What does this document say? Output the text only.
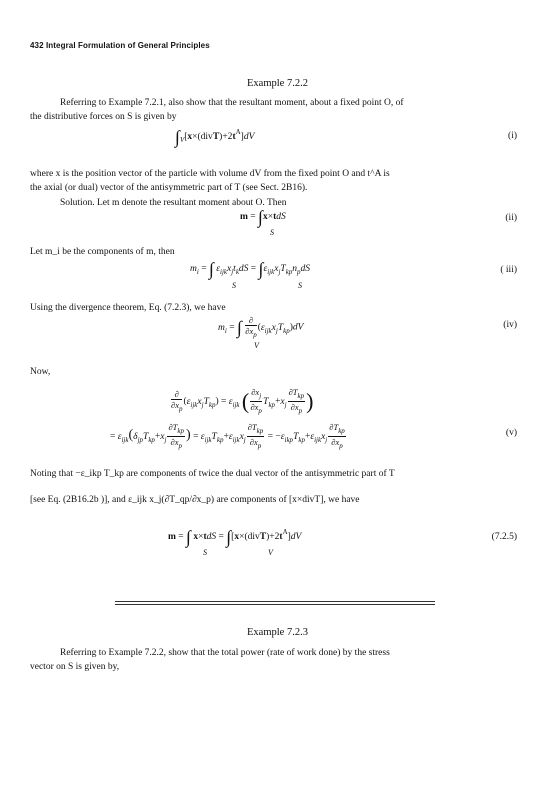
432 Integral Formulation of General Principles
Example 7.2.2
Referring to Example 7.2.1, also show that the resultant moment, about a fixed point O, of
the distributive forces on S is given by
$\int_V[x\times(divT)+2t^A]dV$	(i)
where x is the position vector of the particle with volume dV from the fixed point O and t^A is
the axial (or dual) vector of the antisymmetric part of T (see Sect. 2B16).
Solution. Let m denote the resultant moment about O. Then
m = ∫x×tdS
S
(ii)
Let m_i be the components of m, then
$m_i$ = ∫ $\varepsilon_{ijk}x_jt_kdS = \int\varepsilon_{ijk}x_jT_{kp}n_pdS$
S	S
( iii)
Using the divergence theorem, Eq. (7.2.3), we have
$m_i$ = ∫ $\frac{\partial}{\partial x_p} (\varepsilon_{ijk}x_jT_{kp})dV$
V
(iv)
Now,
$\frac{\partial}{\partial x_p} (\varepsilon_{ijk}x_jT_{kp}) = \varepsilon_{ijk}$ ( $\frac{\partial x_j}{\partial x_p} T_{kp}+x_j \frac{\partial T_{kp}}{\partial x_p}$ )
= $\varepsilon_{ijk}(\delta_{jp}T_{kp}+x_j \frac{\partial T_{kp}}{\partial x_p}$ ) = $\varepsilon_{ijk}T_{kp}+\varepsilon_{ijk}x_j \frac{\partial T_{kp}}{\partial x_p} = -\varepsilon_{ikp}T_{kp}+\varepsilon_{ijk}x_j \frac{\partial T_{kp}}{\partial x_p}$	(v)
Noting that −ε_ikp T_kp are components of twice the dual vector of the antisymmetric part of T
[see Eq. (2B16.2b )], and ε_ijk x_j(∂T_qp/∂x_p) are components of [x×divT], we have
m = ∫ $x\times tdS = \int[x\times(divT)+2t^A]dV$
S	V
(7.2.5)
Example 7.2.3
Referring to Example 7.2.2, show that the total power (rate of work done) by the stress
vector on S is given by,
